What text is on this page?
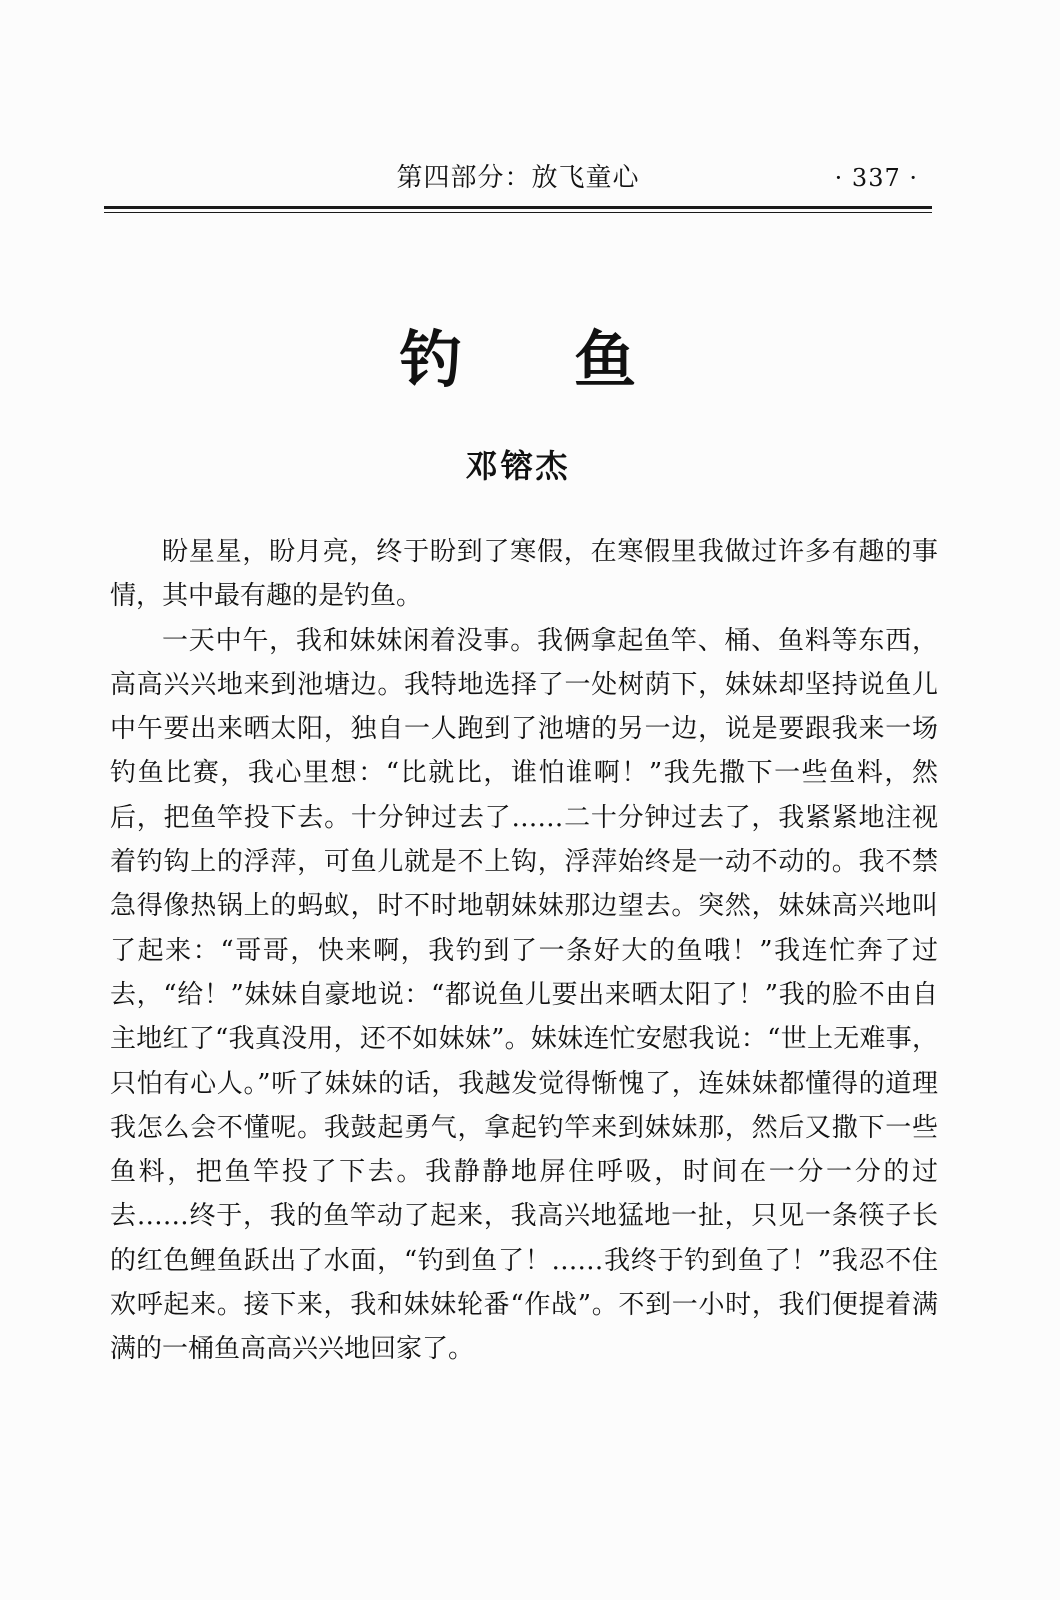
第四部分：放飞童心	· 337 ·
钓鱼
邓镕杰

盼星星，盼月亮，终于盼到了寒假，在寒假里我做过许多有趣的事情，其中最有趣的是钓鱼。

一天中午，我和妹妹闲着没事。我俩拿起鱼竿、桶、鱼料等东西，高高兴兴地来到池塘边。我特地选择了一处树荫下，妹妹却坚持说鱼儿中午要出来晒太阳，独自一人跑到了池塘的另一边，说是要跟我来一场钓鱼比赛，我心里想：“比就比，谁怕谁啊！”我先撒下一些鱼料，然后，把鱼竿投下去。十分钟过去了……二十分钟过去了，我紧紧地注视着钓钩上的浮萍，可鱼儿就是不上钩，浮萍始终是一动不动的。我不禁急得像热锅上的蚂蚁，时不时地朝妹妹那边望去。突然，妹妹高兴地叫了起来：“哥哥，快来啊，我钓到了一条好大的鱼哦！”我连忙奔了过去，“给！”妹妹自豪地说：“都说鱼儿要出来晒太阳了！”我的脸不由自主地红了“我真没用，还不如妹妹”。妹妹连忙安慰我说：“世上无难事，只怕有心人。”听了妹妹的话，我越发觉得惭愧了，连妹妹都懂得的道理我怎么会不懂呢。我鼓起勇气，拿起钓竿来到妹妹那，然后又撒下一些鱼料，把鱼竿投了下去。我静静地屏住呼吸，时间在一分一分的过去……终于，我的鱼竿动了起来，我高兴地猛地一扯，只见一条筷子长的红色鲤鱼跃出了水面，“钓到鱼了！……我终于钓到鱼了！”我忍不住欢呼起来。接下来，我和妹妹轮番“作战”。不到一小时，我们便提着满满的一桶鱼高高兴兴地回家了。
